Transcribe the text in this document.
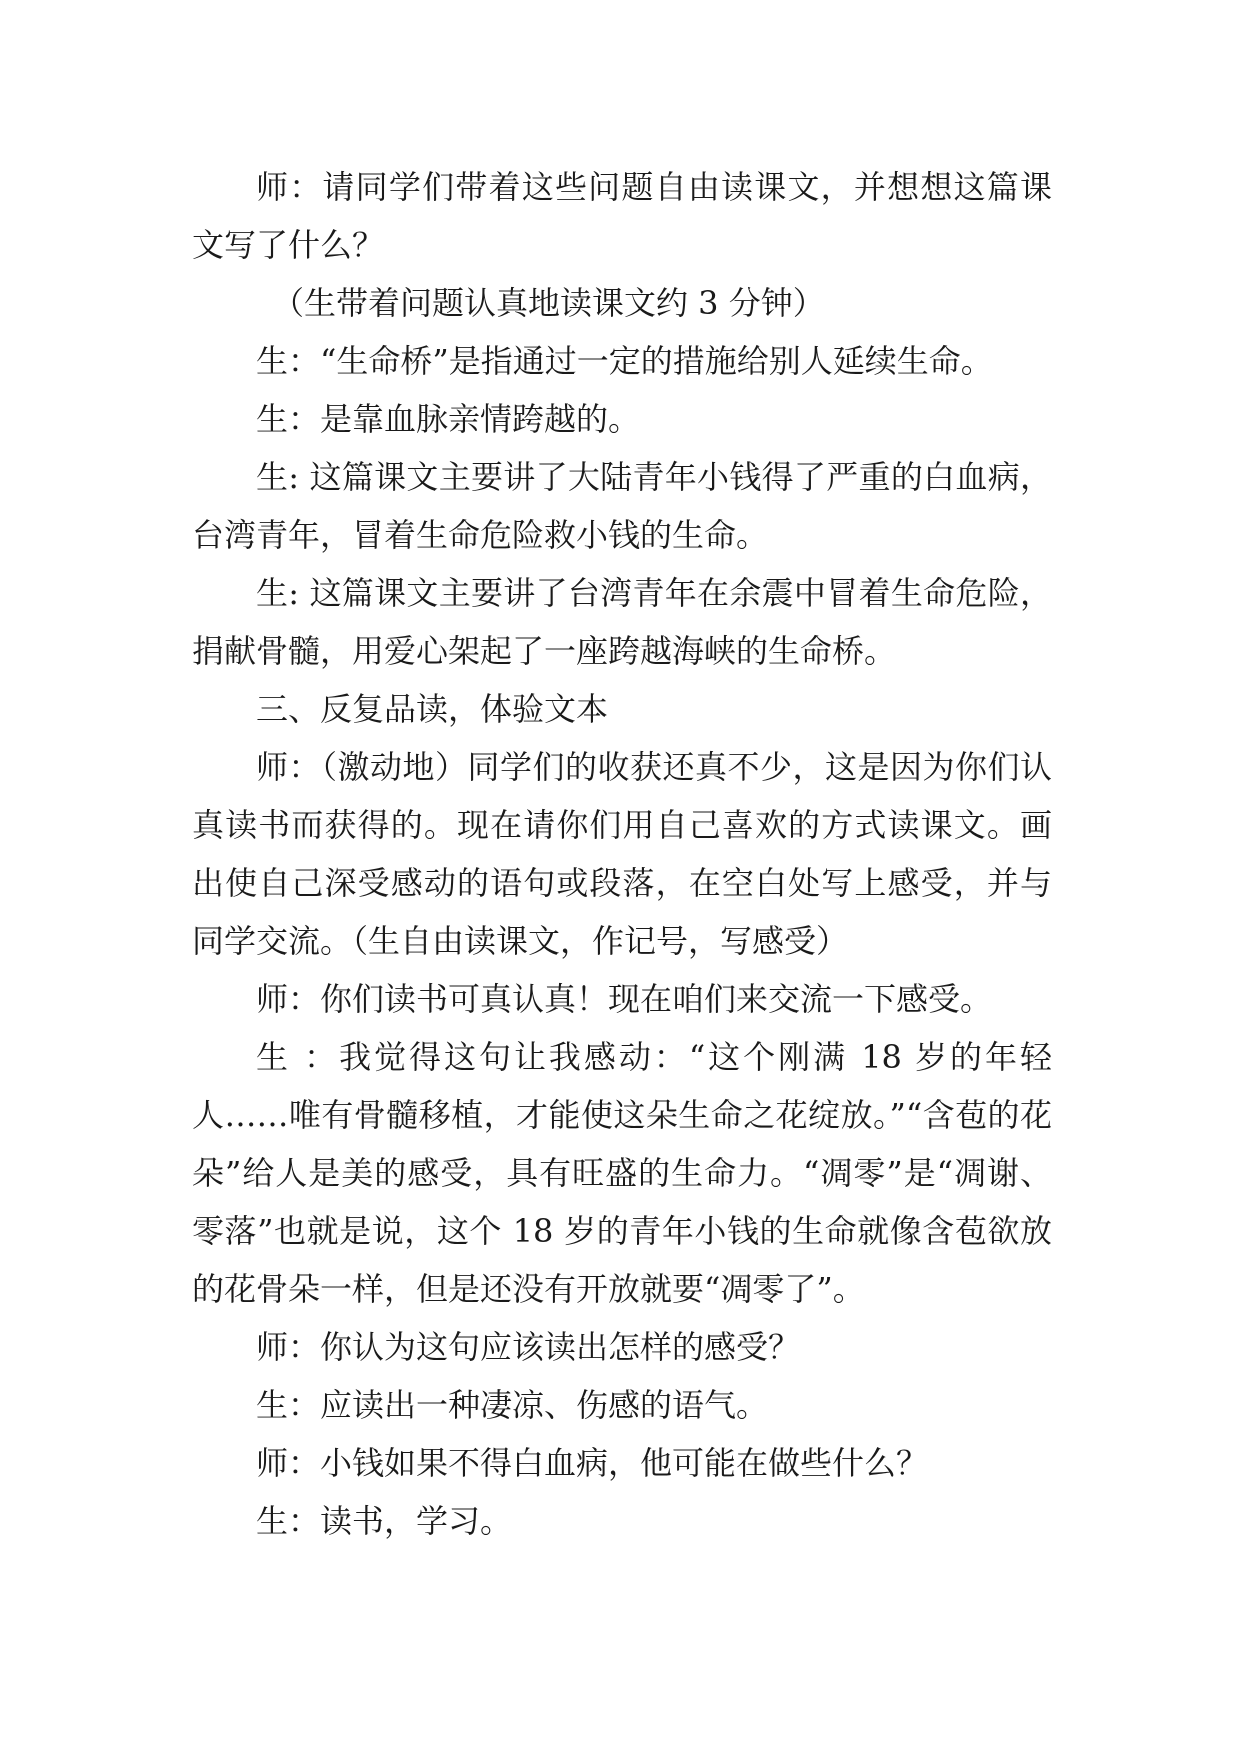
师：请同学们带着这些问题自由读课文，并想想这篇课文写了什么？

（生带着问题认真地读课文约 3 分钟）

生：“生命桥”是指通过一定的措施给别人延续生命。

生：是靠血脉亲情跨越的。

生: 这篇课文主要讲了大陆青年小钱得了严重的白血病，台湾青年，冒着生命危险救小钱的生命。

生: 这篇课文主要讲了台湾青年在余震中冒着生命危险，捐献骨髓，用爱心架起了一座跨越海峡的生命桥。

三、反复品读，体验文本

师：（激动地）同学们的收获还真不少，这是因为你们认真读书而获得的。现在请你们用自己喜欢的方式读课文。画出使自己深受感动的语句或段落，在空白处写上感受，并与同学交流。（生自由读课文，作记号，写感受）

师：你们读书可真认真！现在咱们来交流一下感受。

生 ：我觉得这句让我感动：“这个刚满 18 岁的年轻人……唯有骨髓移植，才能使这朵生命之花绽放。”“含苞的花朵”给人是美的感受，具有旺盛的生命力。“凋零”是“凋谢、零落”也就是说，这个 18 岁的青年小钱的生命就像含苞欲放的花骨朵一样，但是还没有开放就要“凋零了”。

师：你认为这句应该读出怎样的感受？

生：应读出一种凄凉、伤感的语气。

师：小钱如果不得白血病，他可能在做些什么？

生：读书，学习。
